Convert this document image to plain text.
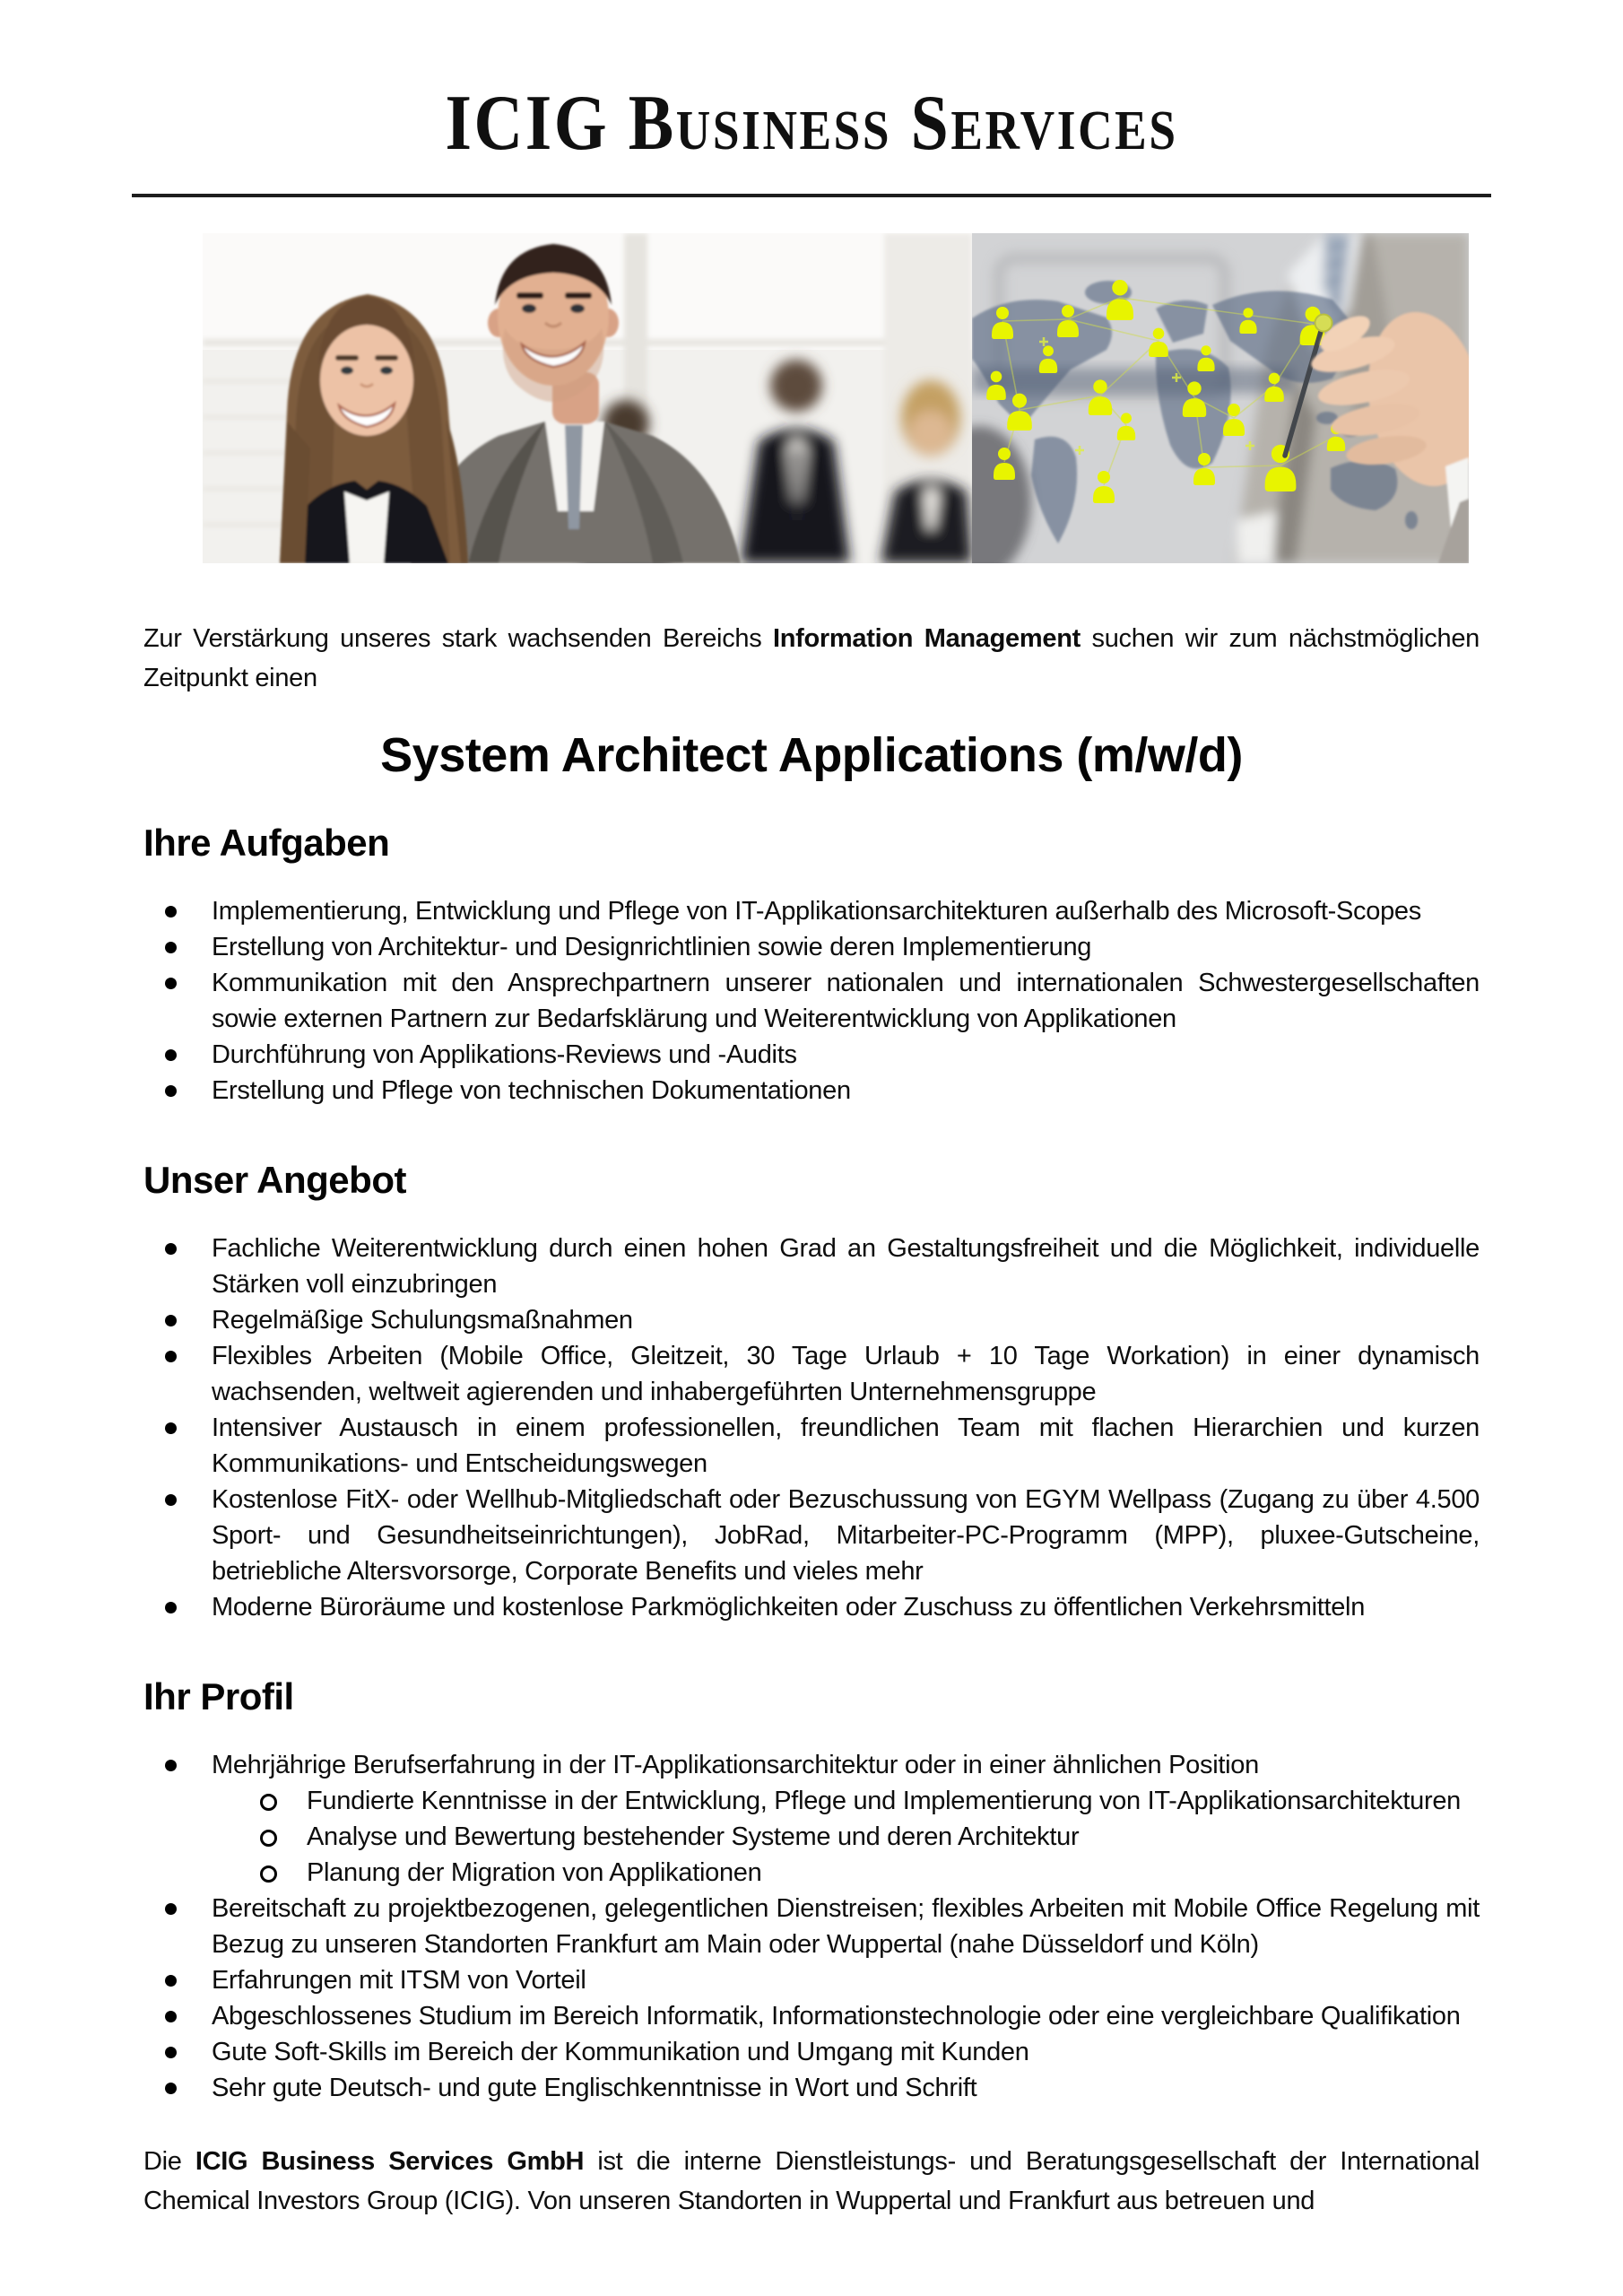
ICIG Business Services

Zur Verstärkung unseres stark wachsenden Bereichs Information Management suchen wir zum nächstmöglichen Zeitpunkt einen

System Architect Applications (m/w/d)
Ihre Aufgaben
Implementierung, Entwicklung und Pflege von IT-Applikationsarchitekturen außerhalb des Microsoft-Scopes
Erstellung von Architektur- und Designrichtlinien sowie deren Implementierung
Kommunikation mit den Ansprechpartnern unserer nationalen und internationalen Schwestergesellschaften sowie externen Partnern zur Bedarfsklärung und Weiterentwicklung von Applikationen
Durchführung von Applikations-Reviews und -Audits
Erstellung und Pflege von technischen Dokumentationen
Unser Angebot
Fachliche Weiterentwicklung durch einen hohen Grad an Gestaltungsfreiheit und die Möglichkeit, individuelle Stärken voll einzubringen
Regelmäßige Schulungsmaßnahmen
Flexibles Arbeiten (Mobile Office, Gleitzeit, 30 Tage Urlaub + 10 Tage Workation) in einer dynamisch wachsenden, weltweit agierenden und inhabergeführten Unternehmensgruppe
Intensiver Austausch in einem professionellen, freundlichen Team mit flachen Hierarchien und kurzen Kommunikations- und Entscheidungswegen
Kostenlose FitX- oder Wellhub-Mitgliedschaft oder Bezuschussung von EGYM Wellpass (Zugang zu über 4.500 Sport- und Gesundheitseinrichtungen), JobRad, Mitarbeiter-PC-Programm (MPP), pluxee-Gutscheine, betriebliche Altersvorsorge, Corporate Benefits und vieles mehr
Moderne Büroräume und kostenlose Parkmöglichkeiten oder Zuschuss zu öffentlichen Verkehrsmitteln
Ihr Profil
Mehrjährige Berufserfahrung in der IT-Applikationsarchitektur oder in einer ähnlichen Position
Fundierte Kenntnisse in der Entwicklung, Pflege und Implementierung von IT-Applikationsarchitekturen
Analyse und Bewertung bestehender Systeme und deren Architektur
Planung der Migration von Applikationen
Bereitschaft zu projektbezogenen, gelegentlichen Dienstreisen; flexibles Arbeiten mit Mobile Office Regelung mit Bezug zu unseren Standorten Frankfurt am Main oder Wuppertal (nahe Düsseldorf und Köln)
Erfahrungen mit ITSM von Vorteil
Abgeschlossenes Studium im Bereich Informatik, Informationstechnologie oder eine vergleichbare Qualifikation
Gute Soft-Skills im Bereich der Kommunikation und Umgang mit Kunden
Sehr gute Deutsch- und gute Englischkenntnisse in Wort und Schrift

Die ICIG Business Services GmbH ist die interne Dienstleistungs- und Beratungsgesellschaft der International Chemical Investors Group (ICIG). Von unseren Standorten in Wuppertal und Frankfurt aus betreuen und
